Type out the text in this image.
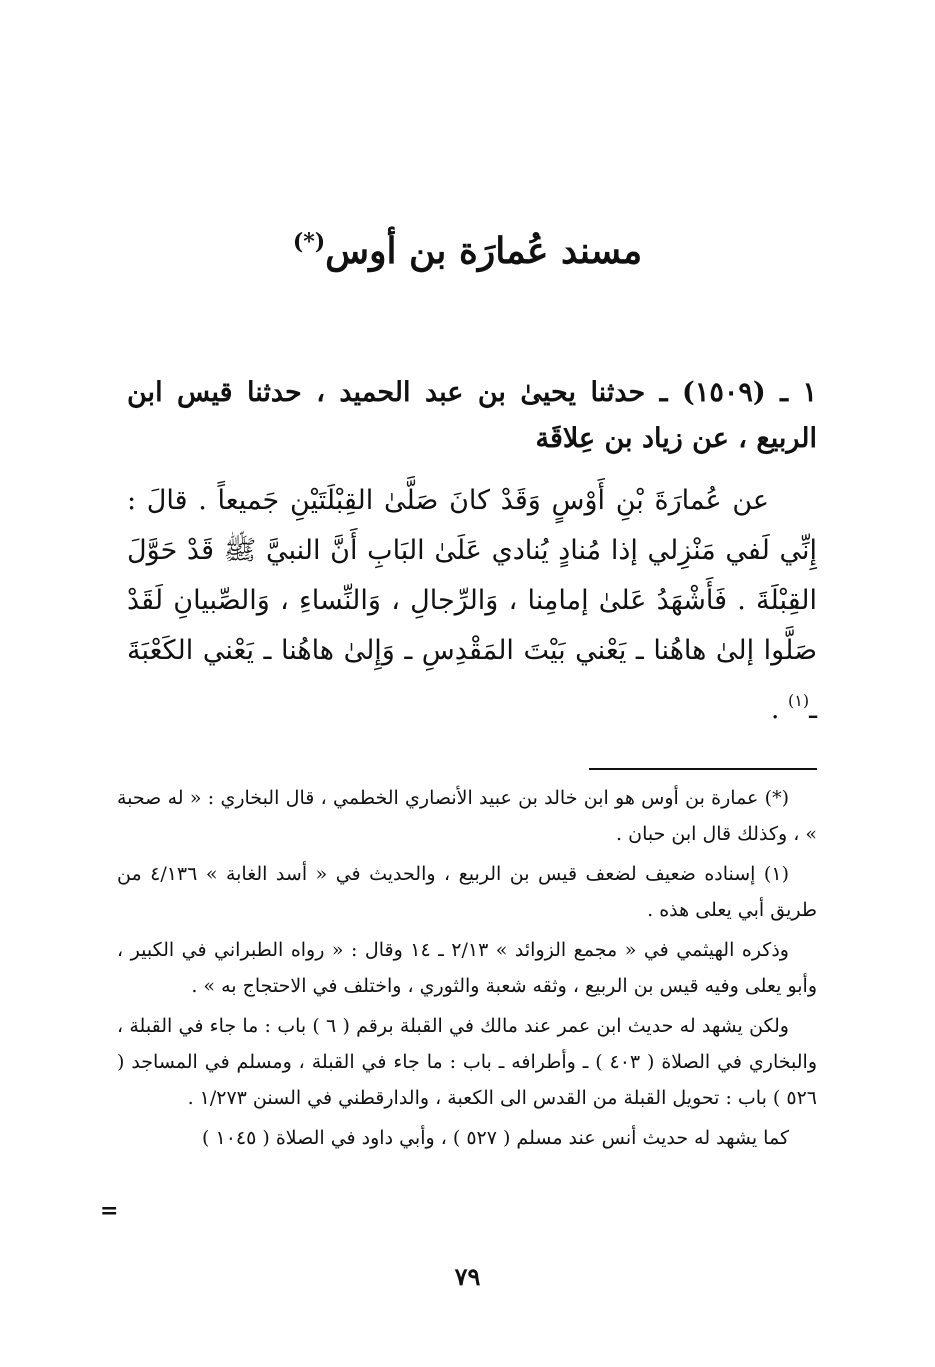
مسند عُمارَة بن أوس(*)

١ ـ (١٥٠٩) ـ حدثنا يحيىٰ بن عبد الحميد ، حدثنا قيس ابن الربيع ، عن زياد بن عِلاقَة

عن عُمارَةَ بْنِ أَوْسٍ وَقَدْ كانَ صَلَّىٰ القِبْلَتَيْنِ جَميعاً . قالَ : إِنِّي لَفي مَنْزِلي إذا مُنادٍ يُنادي عَلَىٰ البَابِ أَنَّ النبيَّ ﷺ قَدْ حَوَّلَ القِبْلَةَ . فَأَشْهَدُ عَلىٰ إمامِنا ، وَالرِّجالِ ، وَالنِّساءِ ، وَالصِّبيانِ لَقَدْ صَلَّوا إلىٰ هاهُنا ـ يَعْني بَيْتَ المَقْدِسِ ـ وَإِلىٰ هاهُنا ـ يَعْني الكَعْبَةَ ـ$^{(١)}$ .

(*) عمارة بن أوس هو ابن خالد بن عبيد الأنصاري الخطمي ، قال البخاري : « له صحبة » ، وكذلك قال ابن حبان .

(١) إسناده ضعيف لضعف قيس بن الربيع ، والحديث في « أسد الغابة » ٤/١٣٦ من طريق أبي يعلى هذه .

وذكره الهيثمي في « مجمع الزوائد » ٢/١٣ ـ ١٤ وقال : « رواه الطبراني في الكبير ، وأبو يعلى وفيه قيس بن الربيع ، وثقه شعبة والثوري ، واختلف في الاحتجاج به » .

ولكن يشهد له حديث ابن عمر عند مالك في القبلة برقم ( ٦ ) باب : ما جاء في القبلة ، والبخاري في الصلاة ( ٤٠٣ ) ـ وأطرافه ـ باب : ما جاء في القبلة ، ومسلم في المساجد ( ٥٢٦ ) باب : تحويل القبلة من القدس الى الكعبة ، والدارقطني في السنن ١/٢٧٣ .

كما يشهد له حديث أنس عند مسلم ( ٥٢٧ ) ، وأبي داود في الصلاة ( ١٠٤٥ )

=
٧٩
